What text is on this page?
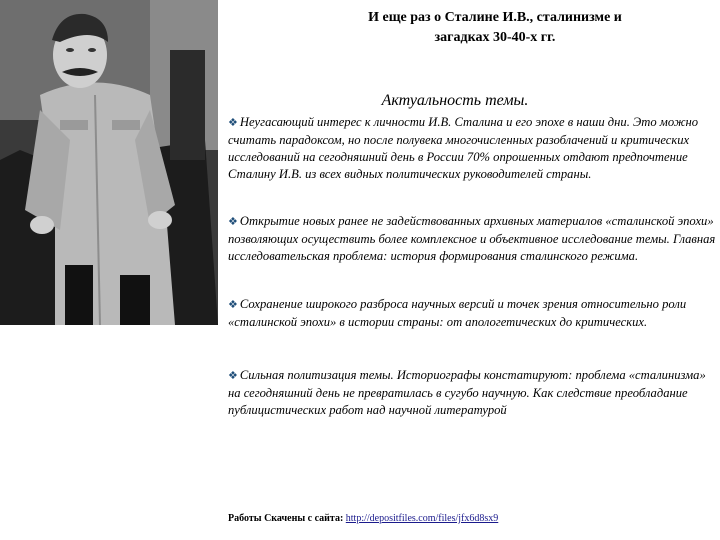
И еще раз о Сталине И.В., сталинизме и
загадках 30-40-х гг.
Актуальность темы.
❖ Неугасающий интерес к личности И.В. Сталина и его эпохе в наши дни. Это можно считать парадоксом, но после полувека многочисленных разоблачений и критических исследований на сегодняшний день в России 70% опрошенных отдают предпочтение Сталину И.В. из всех видных политических руководителей страны.
❖ Открытие новых ранее не задействованных архивных материалов «сталинской эпохи» позволяющих осуществить более комплексное и объективное исследование темы. Главная исследовательская проблема: история формирования сталинского режима.
❖ Сохранение широкого разброса научных версий и точек зрения относительно роли «сталинской эпохи» в истории страны: от апологетических до критических.
❖ Сильная политизация темы. Историографы констатируют: проблема «сталинизма» на сегодняшний день не превратилась в сугубо научную. Как следствие преобладание публицистических работ над научной литературой
Работы Скачены с сайта: http://depositfiles.com/files/jfx6d8sx9
